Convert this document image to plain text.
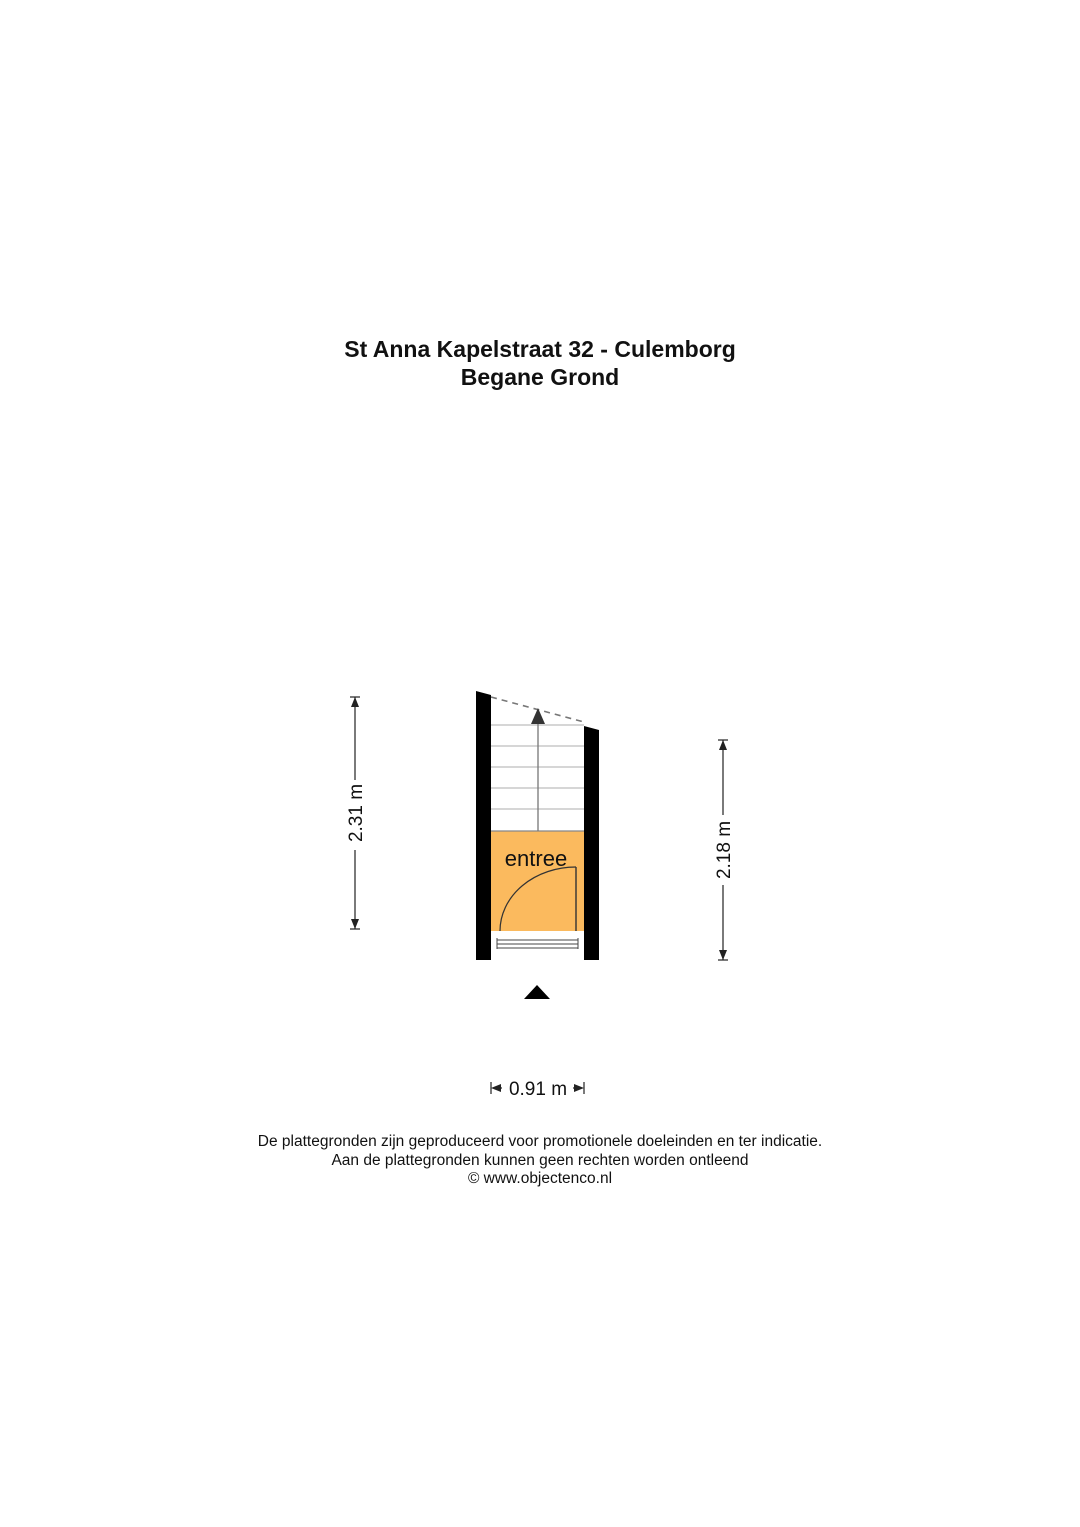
St Anna Kapelstraat 32 - Culemborg
Begane Grond
entree
2.31 m
2.18 m
0.91 m
De plattegronden zijn geproduceerd voor promotionele doeleinden en ter indicatie.
Aan de plattegronden kunnen geen rechten worden ontleend
© www.objectenco.nl
